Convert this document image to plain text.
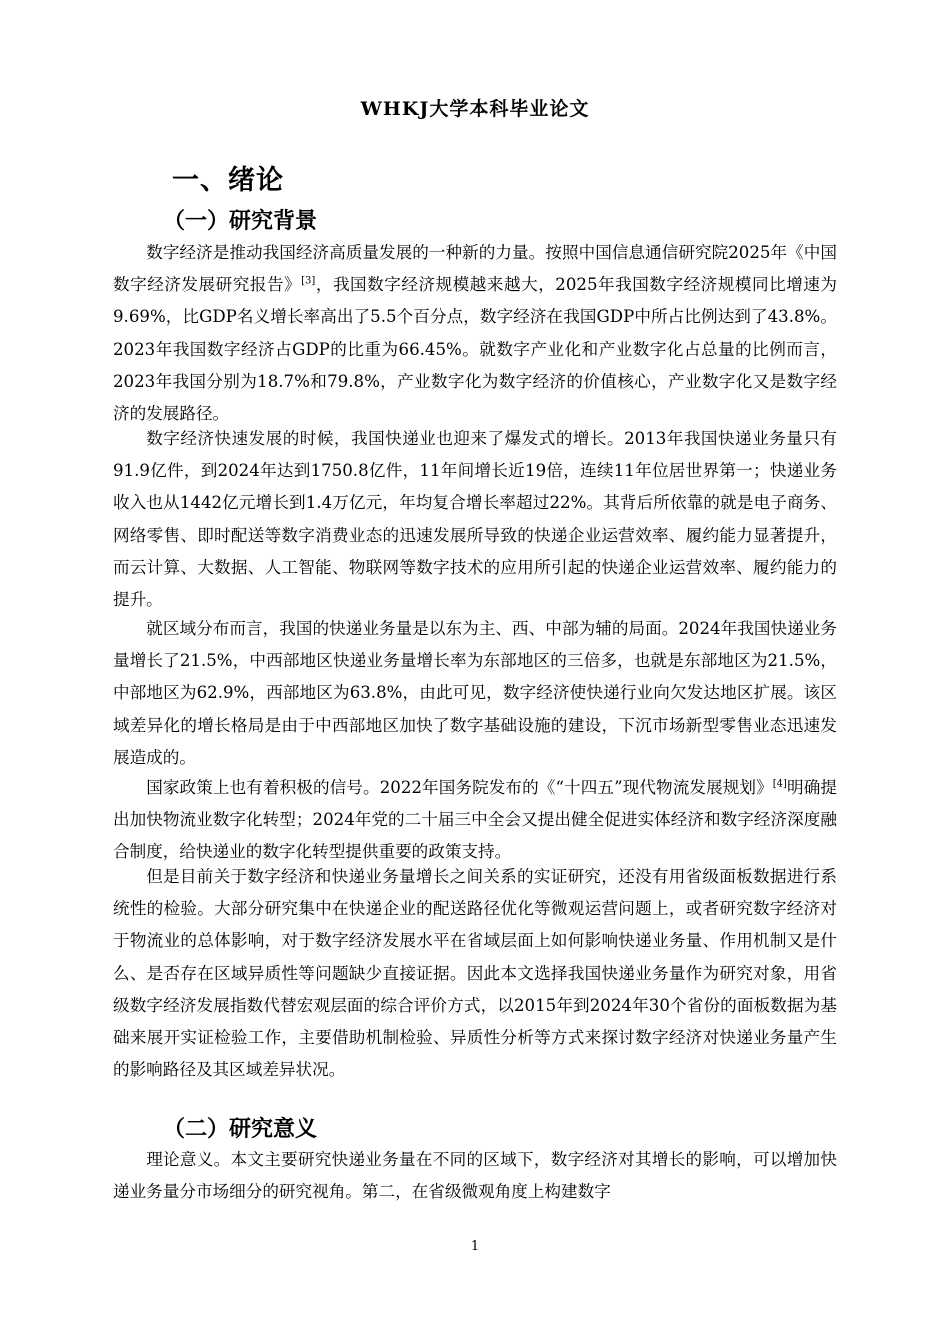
WHKJ大学本科毕业论文
一、绪论
（一）研究背景

数字经济是推动我国经济高质量发展的一种新的力量。按照中国信息通信研究院2025年《中国数字经济发展研究报告》[3]，我国数字经济规模越来越大，2025年我国数字经济规模同比增速为9.69%，比GDP名义增长率高出了5.5个百分点，数字经济在我国GDP中所占比例达到了43.8%。2023年我国数字经济占GDP的比重为66.45%。就数字产业化和产业数字化占总量的比例而言，2023年我国分别为18.7%和79.8%，产业数字化为数字经济的价值核心，产业数字化又是数字经济的发展路径。

数字经济快速发展的时候，我国快递业也迎来了爆发式的增长。2013年我国快递业务量只有91.9亿件，到2024年达到1750.8亿件，11年间增长近19倍，连续11年位居世界第一；快递业务收入也从1442亿元增长到1.4万亿元，年均复合增长率超过22%。其背后所依靠的就是电子商务、网络零售、即时配送等数字消费业态的迅速发展所导致的快递企业运营效率、履约能力显著提升，而云计算、大数据、人工智能、物联网等数字技术的应用所引起的快递企业运营效率、履约能力的提升。

就区域分布而言，我国的快递业务量是以东为主、西、中部为辅的局面。2024年我国快递业务量增长了21.5%，中西部地区快递业务量增长率为东部地区的三倍多，也就是东部地区为21.5%，中部地区为62.9%，西部地区为63.8%，由此可见，数字经济使快递行业向欠发达地区扩展。该区域差异化的增长格局是由于中西部地区加快了数字基础设施的建设，下沉市场新型零售业态迅速发展造成的。

国家政策上也有着积极的信号。2022年国务院发布的《“十四五”现代物流发展规划》[4]明确提出加快物流业数字化转型；2024年党的二十届三中全会又提出健全促进实体经济和数字经济深度融合制度，给快递业的数字化转型提供重要的政策支持。

但是目前关于数字经济和快递业务量增长之间关系的实证研究，还没有用省级面板数据进行系统性的检验。大部分研究集中在快递企业的配送路径优化等微观运营问题上，或者研究数字经济对于物流业的总体影响，对于数字经济发展水平在省域层面上如何影响快递业务量、作用机制又是什么、是否存在区域异质性等问题缺少直接证据。因此本文选择我国快递业务量作为研究对象，用省级数字经济发展指数代替宏观层面的综合评价方式，以2015年到2024年30个省份的面板数据为基础来展开实证检验工作，主要借助机制检验、异质性分析等方式来探讨数字经济对快递业务量产生的影响路径及其区域差异状况。

（二）研究意义

理论意义。本文主要研究快递业务量在不同的区域下，数字经济对其增长的影响，可以增加快递业务量分市场细分的研究视角。第二，在省级微观角度上构建数字

1
